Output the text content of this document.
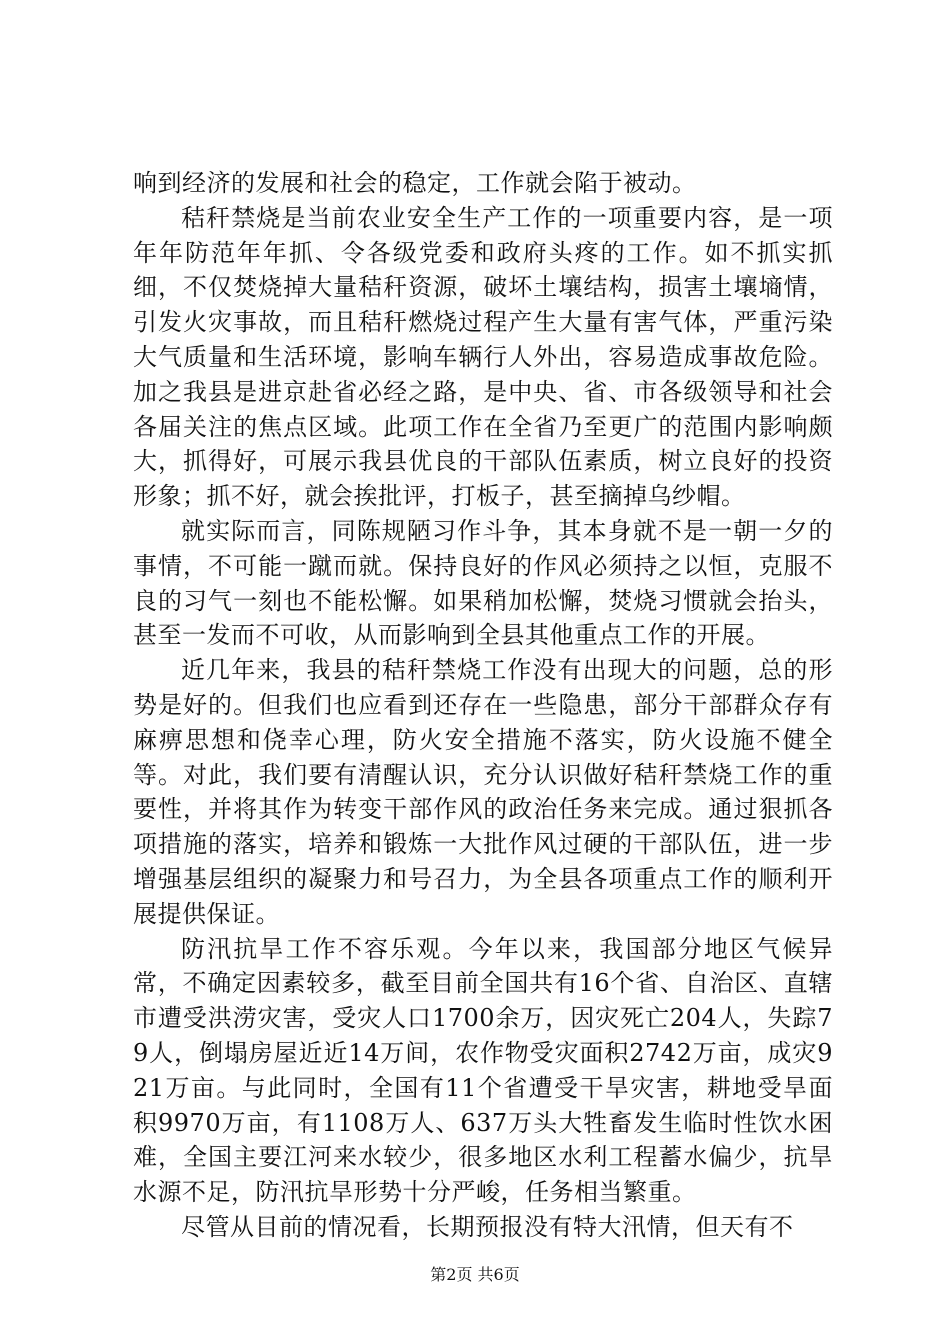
响到经济的发展和社会的稳定，工作就会陷于被动。

秸秆禁烧是当前农业安全生产工作的一项重要内容，是一项年年防范年年抓、令各级党委和政府头疼的工作。如不抓实抓细，不仅焚烧掉大量秸秆资源，破坏土壤结构，损害土壤墒情，引发火灾事故，而且秸秆燃烧过程产生大量有害气体，严重污染大气质量和生活环境，影响车辆行人外出，容易造成事故危险。加之我县是进京赴省必经之路，是中央、省、市各级领导和社会各届关注的焦点区域。此项工作在全省乃至更广的范围内影响颇大，抓得好，可展示我县优良的干部队伍素质，树立良好的投资形象；抓不好，就会挨批评，打板子，甚至摘掉乌纱帽。

就实际而言，同陈规陋习作斗争，其本身就不是一朝一夕的事情，不可能一蹴而就。保持良好的作风必须持之以恒，克服不良的习气一刻也不能松懈。如果稍加松懈，焚烧习惯就会抬头，甚至一发而不可收，从而影响到全县其他重点工作的开展。

近几年来，我县的秸秆禁烧工作没有出现大的问题，总的形势是好的。但我们也应看到还存在一些隐患，部分干部群众存有麻痹思想和侥幸心理，防火安全措施不落实，防火设施不健全等。对此，我们要有清醒认识，充分认识做好秸秆禁烧工作的重要性，并将其作为转变干部作风的政治任务来完成。通过狠抓各项措施的落实，培养和锻炼一大批作风过硬的干部队伍，进一步增强基层组织的凝聚力和号召力，为全县各项重点工作的顺利开展提供保证。

防汛抗旱工作不容乐观。今年以来，我国部分地区气候异常，不确定因素较多，截至目前全国共有16个省、自治区、直辖市遭受洪涝灾害，受灾人口1700余万，因灾死亡204人，失踪79人，倒塌房屋近近14万间，农作物受灾面积2742万亩，成灾921万亩。与此同时，全国有11个省遭受干旱灾害，耕地受旱面积9970万亩，有1108万人、637万头大牲畜发生临时性饮水困难，全国主要江河来水较少，很多地区水利工程蓄水偏少，抗旱水源不足，防汛抗旱形势十分严峻，任务相当繁重。

尽管从目前的情况看，长期预报没有特大汛情，但天有不

第2页 共6页
